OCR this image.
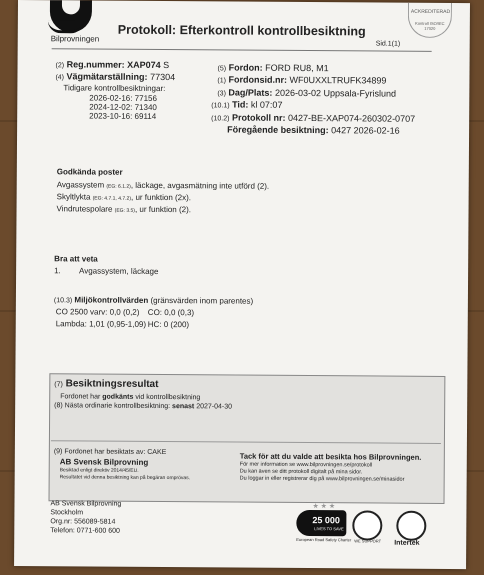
Bilprovningen
Protokoll: Efterkontroll kontrollbesiktning
ACKREDITERAD
Kontroll ISO/IEC 17020
Sid.1(1)
(2) Reg.nummer: XAP074 S
(4) Vägmätarställning: 77304
Tidigare kontrollbesiktningar:
2026-02-16: 77156
2024-12-02: 71340
2023-10-16: 69114
(5) Fordon: FORD RU8, M1
(1) Fordonsid.nr: WF0UXXLTRUFK34899
(3) Dag/Plats: 2026-03-02 Uppsala-Fyrislund
(10.1) Tid: kl 07:07
(10.2) Protokoll nr: 0427-BE-XAP074-260302-0707
Föregående besiktning: 0427 2026-02-16
Godkända poster
Avgassystem (EG: 6.1.2), läckage, avgasmätning inte utförd (2).
Skyltlykta (EG: 4.7.1, 4.7.2), ur funktion (2x).
Vindrutespolare (EG: 3.5), ur funktion (2).
Bra att veta
1. Avgassystem, läckage
(10.3) Miljökontrollvärden (gränsvärden inom parentes)
CO 2500 varv: 0,0 (0,2) CO: 0,0 (0,3)
Lambda: 1,01 (0,95-1,09) HC: 0 (200)
(7) Besiktningsresultat
Fordonet har godkänts vid kontrollbesiktning
(8) Nästa ordinarie kontrollbesiktning: senast 2027-04-30
(9) Fordonet har besiktats av: CAKE
AB Svensk Bilprovning
Besiktad enligt direktiv 2014/45/EU.
Resultatet vid denna besiktning kan på begäran omprövas.
Tack för att du valde att besikta hos Bilprovningen.
För mer information se www.bilprovningen.se/protokoll
Du kan även se ditt protokoll digitalt på mina sidor.
Du loggar in eller registrerar dig på www.bilprovningen.se/minasidor
AB Svensk Bilprovning
Stockholm
Org.nr: 556089-5814
Telefon: 0771-600 600
★ ★ ★
25 000
LIVES TO SAVE
European Road Safety Charter WE SUPPORT Intertek
